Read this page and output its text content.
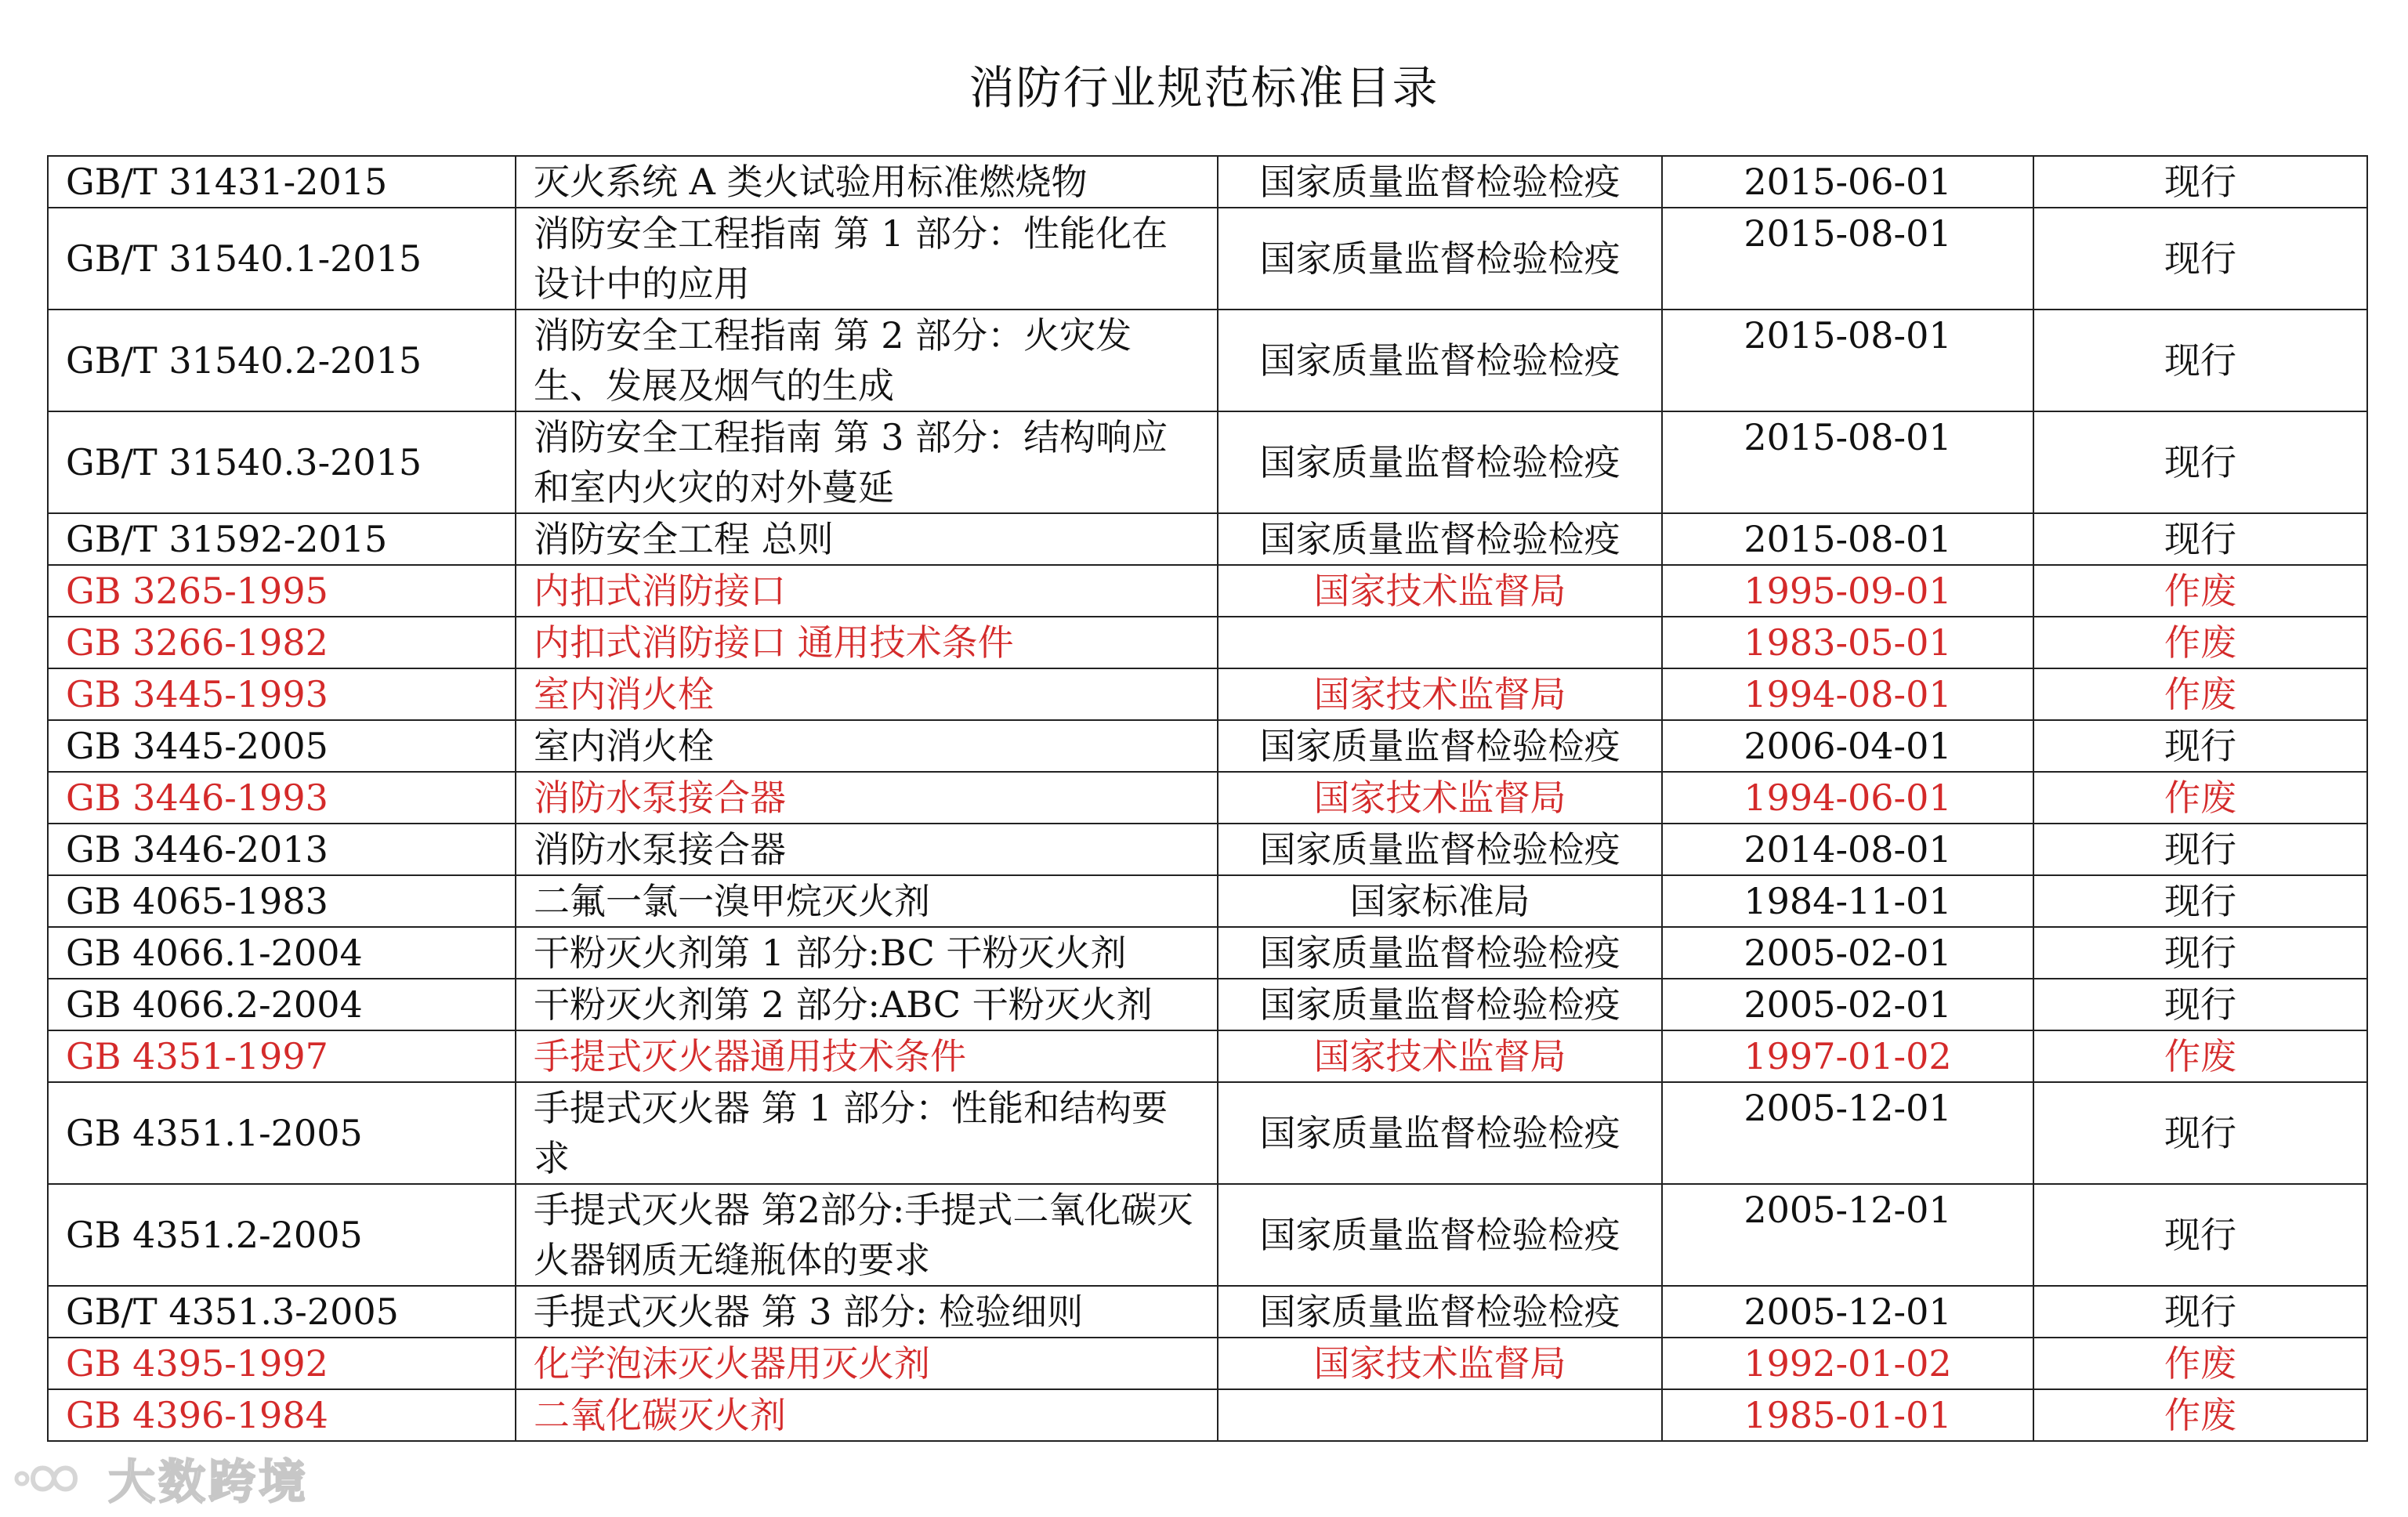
消防行业规范标准目录
GB/T 31431-2015	灭火系统 A 类火试验用标准燃烧物	国家质量监督检验检疫	2015-06-01	现行
GB/T 31540.1-2015	消防安全工程指南 第 1 部分：性能化在设计中的应用	国家质量监督检验检疫	2015-08-01	现行
GB/T 31540.2-2015	消防安全工程指南 第 2 部分：火灾发生、发展及烟气的生成	国家质量监督检验检疫	2015-08-01	现行
GB/T 31540.3-2015	消防安全工程指南 第 3 部分：结构响应和室内火灾的对外蔓延	国家质量监督检验检疫	2015-08-01	现行
GB/T 31592-2015	消防安全工程 总则	国家质量监督检验检疫	2015-08-01	现行
GB 3265-1995	内扣式消防接口	国家技术监督局	1995-09-01	作废
GB 3266-1982	内扣式消防接口 通用技术条件		1983-05-01	作废
GB 3445-1993	室内消火栓	国家技术监督局	1994-08-01	作废
GB 3445-2005	室内消火栓	国家质量监督检验检疫	2006-04-01	现行
GB 3446-1993	消防水泵接合器	国家技术监督局	1994-06-01	作废
GB 3446-2013	消防水泵接合器	国家质量监督检验检疫	2014-08-01	现行
GB 4065-1983	二氟一氯一溴甲烷灭火剂	国家标准局	1984-11-01	现行
GB 4066.1-2004	干粉灭火剂第 1 部分:BC 干粉灭火剂	国家质量监督检验检疫	2005-02-01	现行
GB 4066.2-2004	干粉灭火剂第 2 部分:ABC 干粉灭火剂	国家质量监督检验检疫	2005-02-01	现行
GB 4351-1997	手提式灭火器通用技术条件	国家技术监督局	1997-01-02	作废
GB 4351.1-2005	手提式灭火器 第 1 部分：性能和结构要求	国家质量监督检验检疫	2005-12-01	现行
GB 4351.2-2005	手提式灭火器 第2部分:手提式二氧化碳灭火器钢质无缝瓶体的要求	国家质量监督检验检疫	2005-12-01	现行
GB/T 4351.3-2005	手提式灭火器 第 3 部分: 检验细则	国家质量监督检验检疫	2005-12-01	现行
GB 4395-1992	化学泡沫灭火器用灭火剂	国家技术监督局	1992-01-02	作废
GB 4396-1984	二氧化碳灭火剂		1985-01-01	作废
大数跨境
